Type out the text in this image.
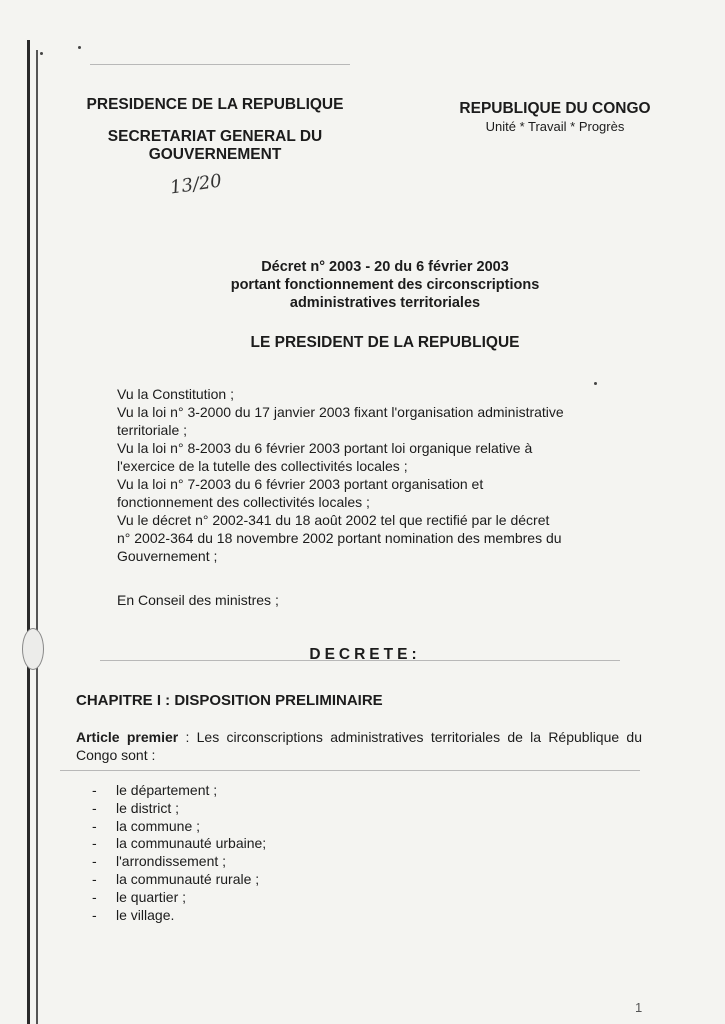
PRESIDENCE DE LA REPUBLIQUE
SECRETARIAT GENERAL DU
GOUVERNEMENT
REPUBLIQUE DU CONGO
Unité * Travail * Progrès
13/20
Décret n° 2003 - 20 du 6 février 2003
portant fonctionnement des circonscriptions
administratives territoriales
LE PRESIDENT DE LA REPUBLIQUE

Vu la Constitution ;

Vu la loi n° 3-2000 du 17 janvier 2003 fixant l'organisation administrative

territoriale ;

Vu la loi n° 8-2003 du 6 février 2003 portant loi organique relative à

l'exercice de la tutelle des collectivités locales ;

Vu la loi n° 7-2003 du 6 février 2003 portant organisation et

fonctionnement des collectivités locales ;

Vu le décret n° 2002-341 du 18 août 2002 tel que rectifié par le décret

n° 2002-364 du 18 novembre 2002 portant nomination des membres du

Gouvernement ;

En Conseil des ministres ;
DECRETE:
CHAPITRE I : DISPOSITION PRELIMINAIRE
Article premier : Les circonscriptions administratives territoriales de la République du Congo sont :
- le département ;
- le district ;
- la commune ;
- la communauté urbaine;
- l'arrondissement ;
- la communauté rurale ;
- le quartier ;
- le village.
1
